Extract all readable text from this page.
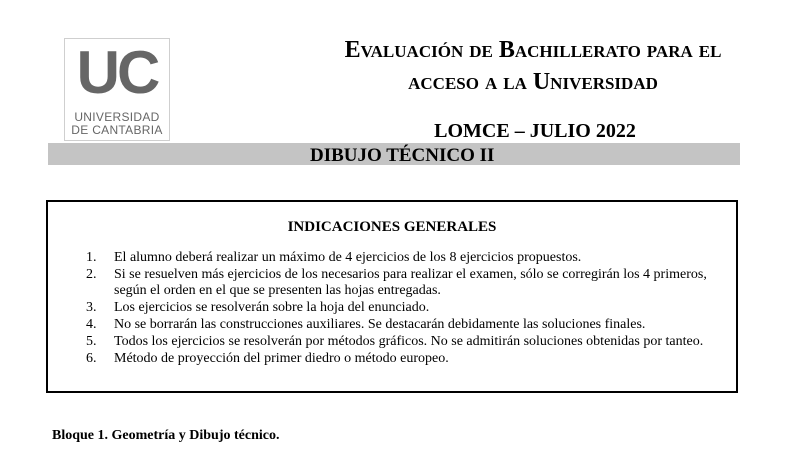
UC
UNIVERSIDAD
DE CANTABRIA
Evaluación de Bachillerato para el
acceso a la Universidad
LOMCE – JULIO 2022
DIBUJO TÉCNICO II
INDICACIONES GENERALES
1. El alumno deberá realizar un máximo de 4 ejercicios de los 8 ejercicios propuestos.
2. Si se resuelven más ejercicios de los necesarios para realizar el examen, sólo se corregirán los 4 primeros, según el orden en el que se presenten las hojas entregadas.
3. Los ejercicios se resolverán sobre la hoja del enunciado.
4. No se borrarán las construcciones auxiliares. Se destacarán debidamente las soluciones finales.
5. Todos los ejercicios se resolverán por métodos gráficos. No se admitirán soluciones obtenidas por tanteo.
6. Método de proyección del primer diedro o método europeo.
Bloque 1. Geometría y Dibujo técnico.
